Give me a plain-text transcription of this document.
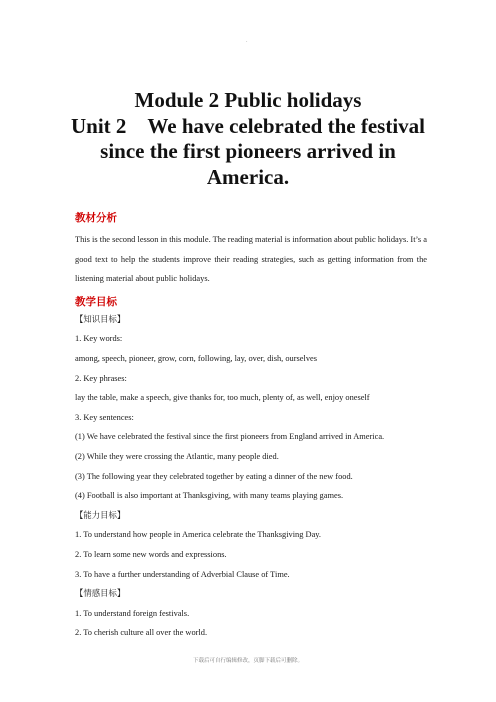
.
Module 2 Public holidays
Unit 2　We have celebrated the festival
since the first pioneers arrived in
America.
教材分析
This is the second lesson in this module. The reading material is information about public holidays. It’s a good text to help the students improve their reading strategies, such as getting information from the listening material about public holidays.
教学目标
【知识目标】
1. Key words:
among, speech, pioneer, grow, corn, following, lay, over, dish, ourselves
2. Key phrases:
lay the table, make a speech, give thanks for, too much, plenty of, as well, enjoy oneself
3. Key sentences:
(1) We have celebrated the festival since the first pioneers from England arrived in America.
(2) While they were crossing the Atlantic, many people died.
(3) The following year they celebrated together by eating a dinner of the new food.
(4) Football is also important at Thanksgiving, with many teams playing games.
【能力目标】
1. To understand how people in America celebrate the Thanksgiving Day.
2. To learn some new words and expressions.
3. To have a further understanding of Adverbial Clause of Time.
【情感目标】
1. To understand foreign festivals.
2. To cherish culture all over the world.
下载后可自行编辑修改，页脚下载后可删除。
